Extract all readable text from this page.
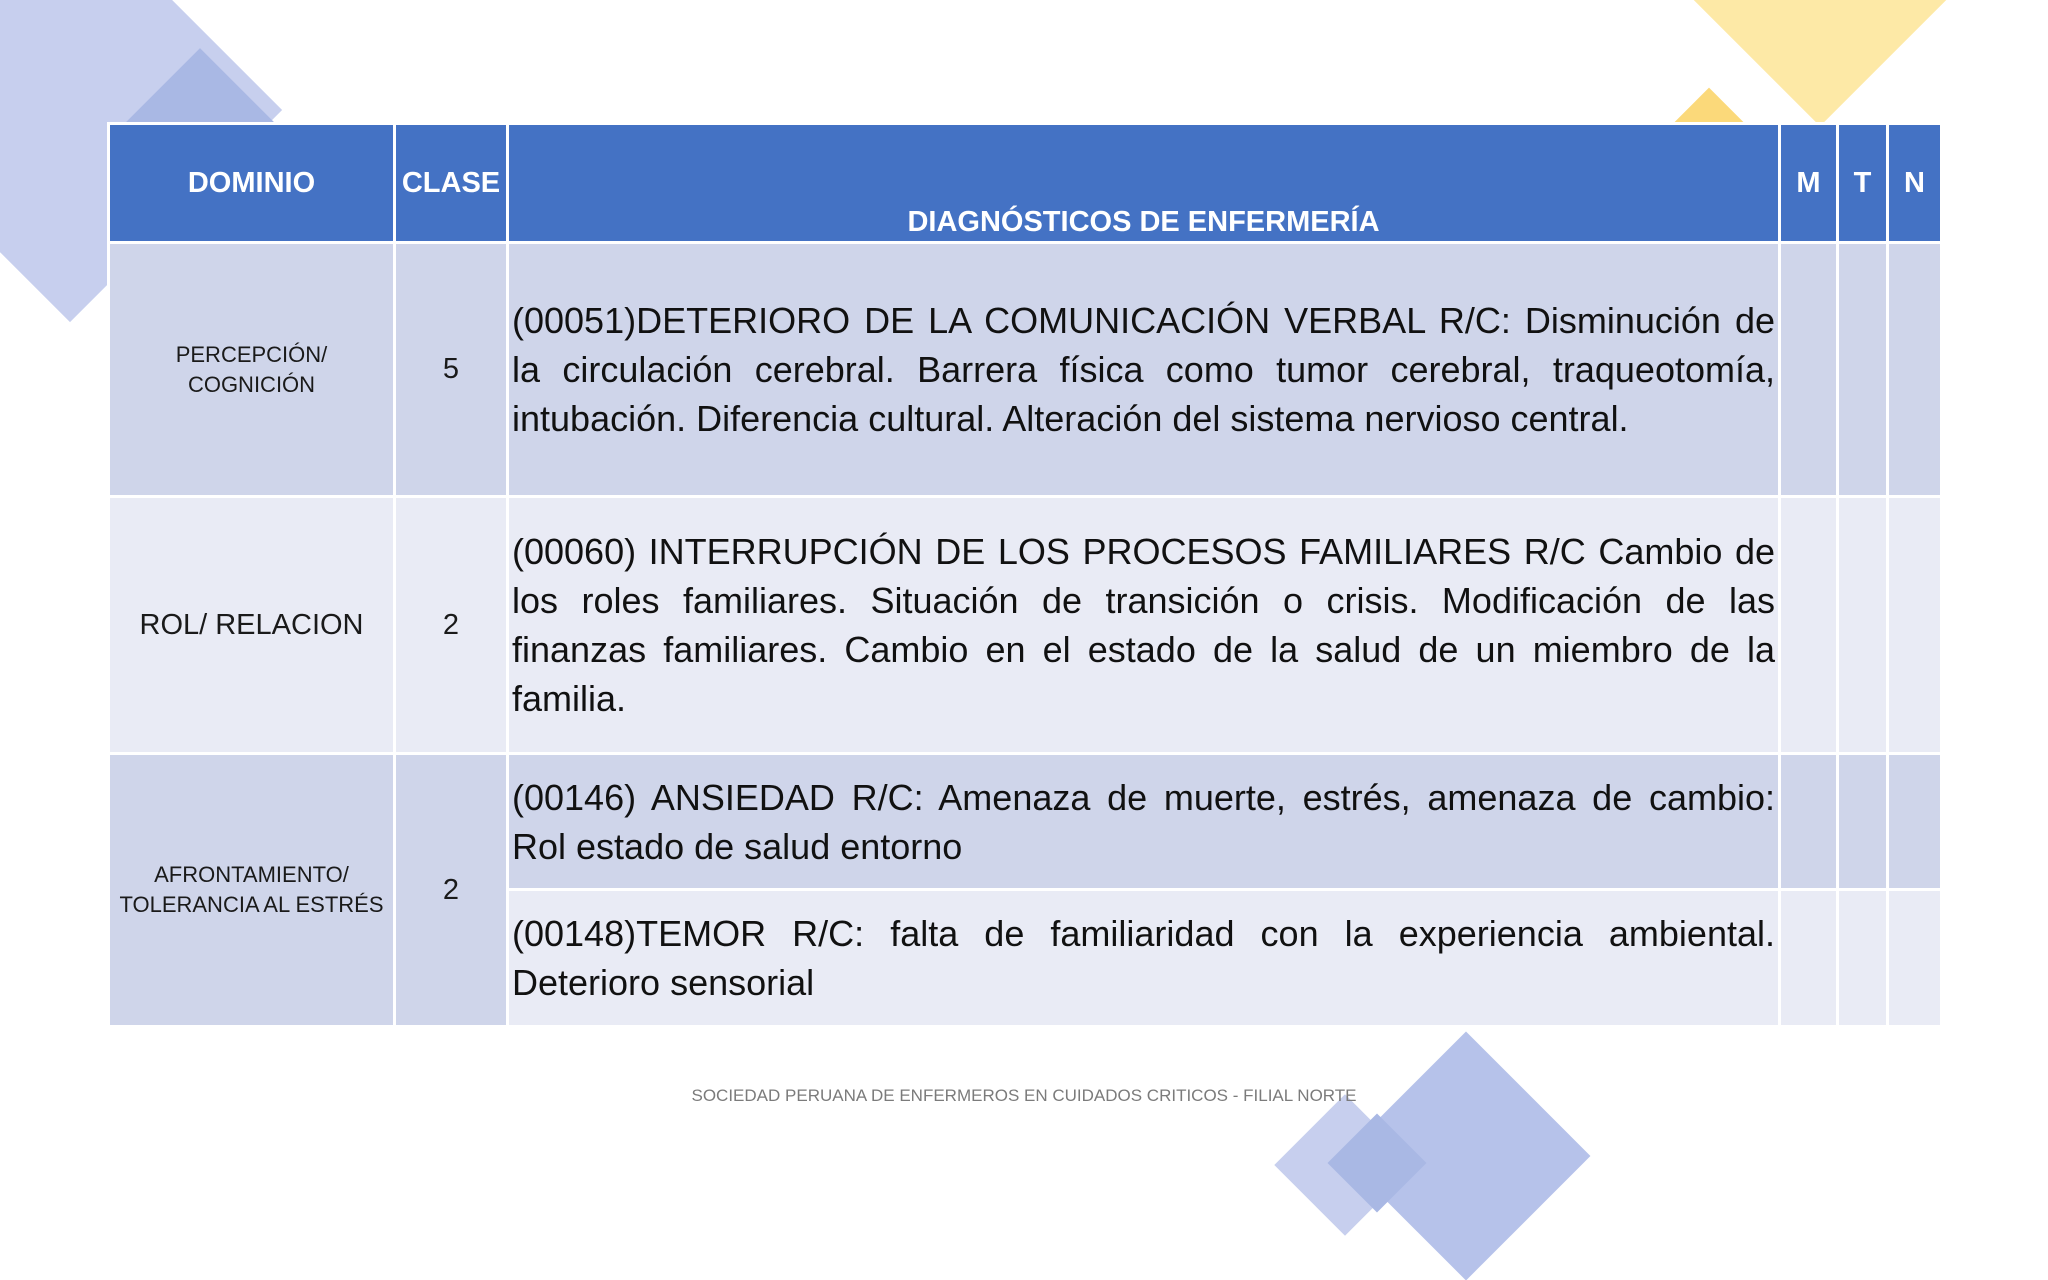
DOMINIO	CLASE	DIAGNÓSTICOS DE ENFERMERÍA	M	T	N
PERCEPCIÓN/ COGNICIÓN	5	(00051)DETERIORO DE LA COMUNICACIÓN VERBAL R/C: Disminución de la circulación cerebral. Barrera física como tumor cerebral, traqueotomía, intubación. Diferencia cultural. Alteración del sistema nervioso central.			
ROL/ RELACION	2	(00060) INTERRUPCIÓN DE LOS PROCESOS FAMILIARES R/C Cambio de los roles familiares. Situación de transición o crisis. Modificación de las finanzas familiares. Cambio en el estado de la salud de un miembro de la familia.			
AFRONTAMIENTO/
TOLERANCIA AL ESTRÉS	2	(00146) ANSIEDAD R/C: Amenaza de muerte, estrés, amenaza de cambio: Rol estado de salud entorno			
		(00148)TEMOR R/C: falta de familiaridad con la experiencia ambiental. Deterioro sensorial			
SOCIEDAD PERUANA DE ENFERMEROS EN CUIDADOS CRITICOS - FILIAL NORTE
